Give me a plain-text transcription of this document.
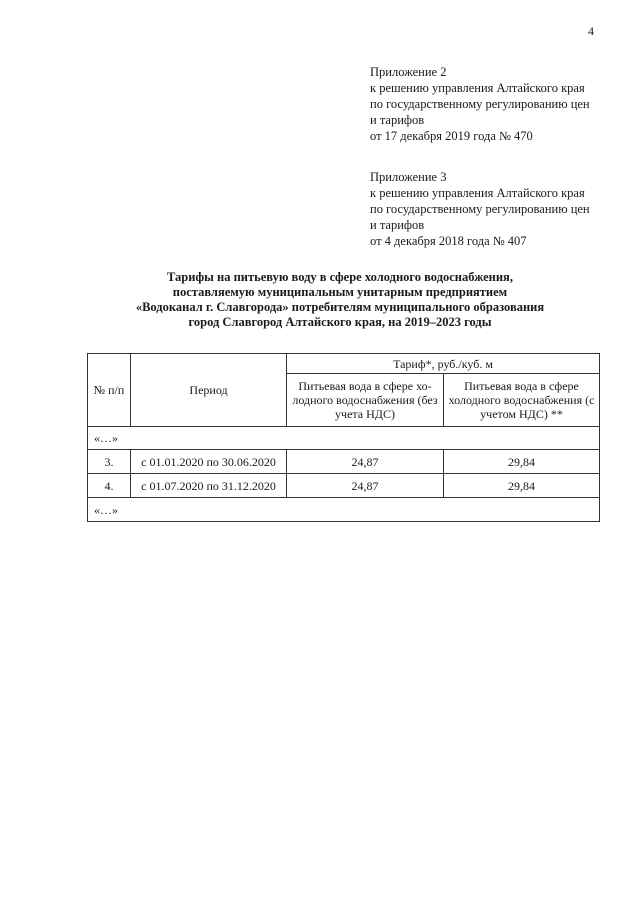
4
Приложение 2
к решению управления Алтайского края
по государственному регулированию цен
и тарифов
от 17 декабря 2019 года № 470
Приложение 3
к решению управления Алтайского края
по государственному регулированию цен
и тарифов
от 4 декабря 2018 года № 407
Тарифы на питьевую воду в сфере холодного водоснабжения,
поставляемую муниципальным унитарным предприятием
«Водоканал г. Славгорода» потребителям муниципального образования
город Славгород Алтайского края, на 2019–2023 годы
№ п/п	Период	Тариф*, руб./куб. м	
		Питьевая вода в сфере хо-лодного водоснабжения (без учета НДС)	Питьевая вода в сфере холодного водоснабжения (с учетом НДС) **
«…»			
3.	с 01.01.2020 по 30.06.2020	24,87	29,84
4.	с 01.07.2020 по 31.12.2020	24,87	29,84
«…»			
